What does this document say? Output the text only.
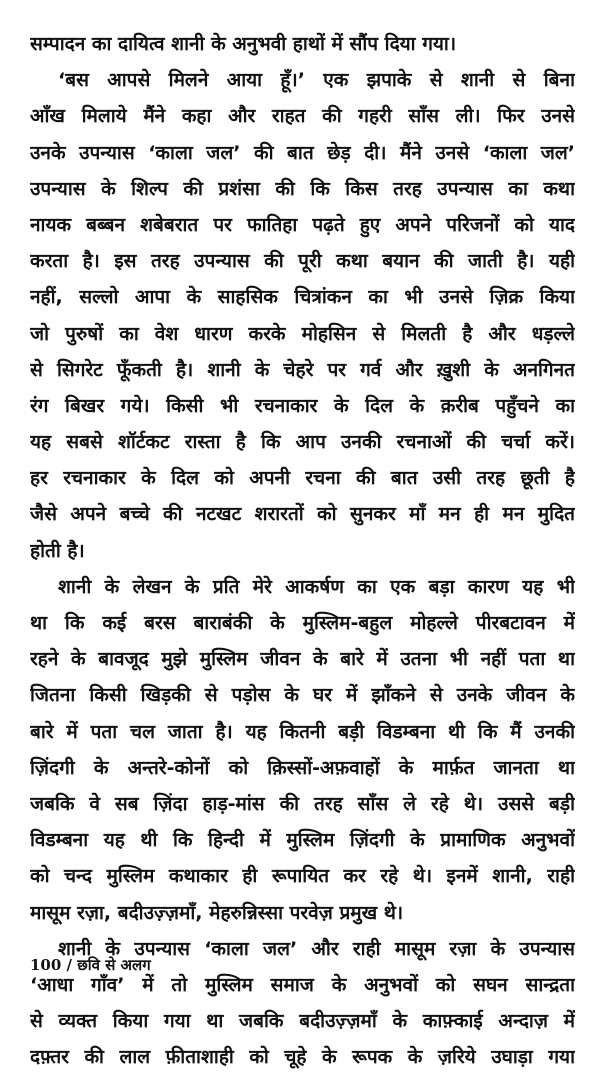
सम्पादन का दायित्व शानी के अनुभवी हाथों में सौंप दिया गया।
‘बस आपसे मिलने आया हूँ।’ एक झपाके से शानी से बिना
आँख मिलाये मैंने कहा और राहत की गहरी साँस ली। फिर उनसे
उनके उपन्यास ‘काला जल’ की बात छेड़ दी। मैंने उनसे ‘काला जल’
उपन्यास के शिल्प की प्रशंसा की कि किस तरह उपन्यास का कथा
नायक बब्बन शबेबरात पर फातिहा पढ़ते हुए अपने परिजनों को याद
करता है। इस तरह उपन्यास की पूरी कथा बयान की जाती है। यही
नहीं, सल्लो आपा के साहसिक चित्रांकन का भी उनसे ज़िक्र किया
जो पुरुषों का वेश धारण करके मोहसिन से मिलती है और धड़ल्ले
से सिगरेट फूँकती है। शानी के चेहरे पर गर्व और ख़ुशी के अनगिनत
रंग बिखर गये। किसी भी रचनाकार के दिल के क़रीब पहुँचने का
यह सबसे शॉर्टकट रास्ता है कि आप उनकी रचनाओं की चर्चा करें।
हर रचनाकार के दिल को अपनी रचना की बात उसी तरह छूती है
जैसे अपने बच्चे की नटखट शरारतों को सुनकर माँ मन ही मन मुदित
होती है।
शानी के लेखन के प्रति मेरे आकर्षण का एक बड़ा कारण यह भी
था कि कई बरस बाराबंकी के मुस्लिम-बहुल मोहल्ले पीरबटावन में
रहने के बावजूद मुझे मुस्लिम जीवन के बारे में उतना भी नहीं पता था
जितना किसी खिड़की से पड़ोस के घर में झाँकने से उनके जीवन के
बारे में पता चल जाता है। यह कितनी बड़ी विडम्बना थी कि मैं उनकी
ज़िंदगी के अन्तरे-कोनों को क़िस्सों-अफ़वाहों के मार्फ़त जानता था
जबकि वे सब ज़िंदा हाड़-मांस की तरह साँस ले रहे थे। उससे बड़ी
विडम्बना यह थी कि हिन्दी में मुस्लिम ज़िंदगी के प्रामाणिक अनुभवों
को चन्द मुस्लिम कथाकार ही रूपायित कर रहे थे। इनमें शानी, राही
मासूम रज़ा, बदीउज़्ज़माँ, मेहरुन्निस्सा परवेज़ प्रमुख थे।
शानी के उपन्यास ‘काला जल’ और राही मासूम रज़ा के उपन्यास
‘आधा गाँव’ में तो मुस्लिम समाज के अनुभवों को सघन सान्द्रता
से व्यक्त किया गया था जबकि बदीउज़्ज़माँ के काफ़्काई अन्दाज़ में
दफ़्तर की लाल फ़ीताशाही को चूहे के रूपक के ज़रिये उघाड़ा गया
100 / छवि से अलग
